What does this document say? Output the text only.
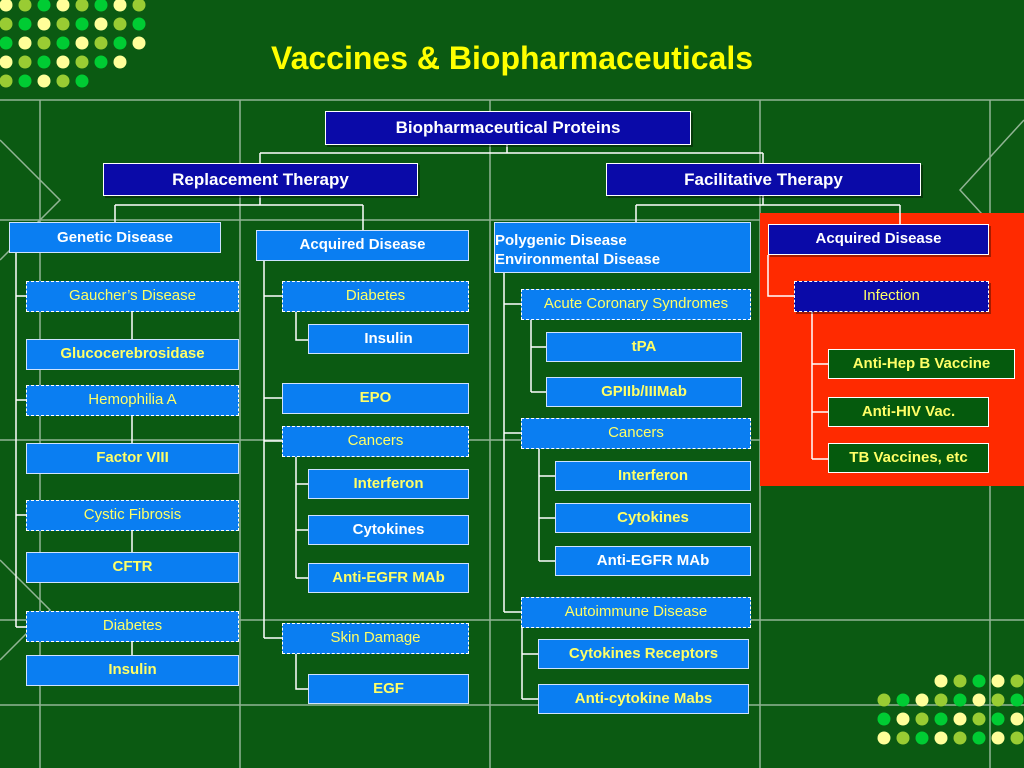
Vaccines & Biopharmaceuticals
Biopharmaceutical Proteins
Replacement Therapy	Facilitative Therapy
Genetic Disease
Gaucher’s Disease
Glucocerebrosidase
Hemophilia A
Factor VIII
Cystic Fibrosis
CFTR
Diabetes
Insulin
Acquired Disease
Diabetes
Insulin
EPO
Cancers
Interferon
Cytokines
Anti-EGFR MAb
Skin Damage
EGF
Polygenic Disease
Environmental Disease
Acute Coronary Syndromes
tPA
GPIIb/IIIMab
Cancers
Interferon
Cytokines
Anti-EGFR MAb
Autoimmune Disease
Cytokines Receptors
Anti-cytokine Mabs
Acquired Disease
Infection
Anti-Hep B Vaccine
Anti-HIV Vac.
TB Vaccines, etc
